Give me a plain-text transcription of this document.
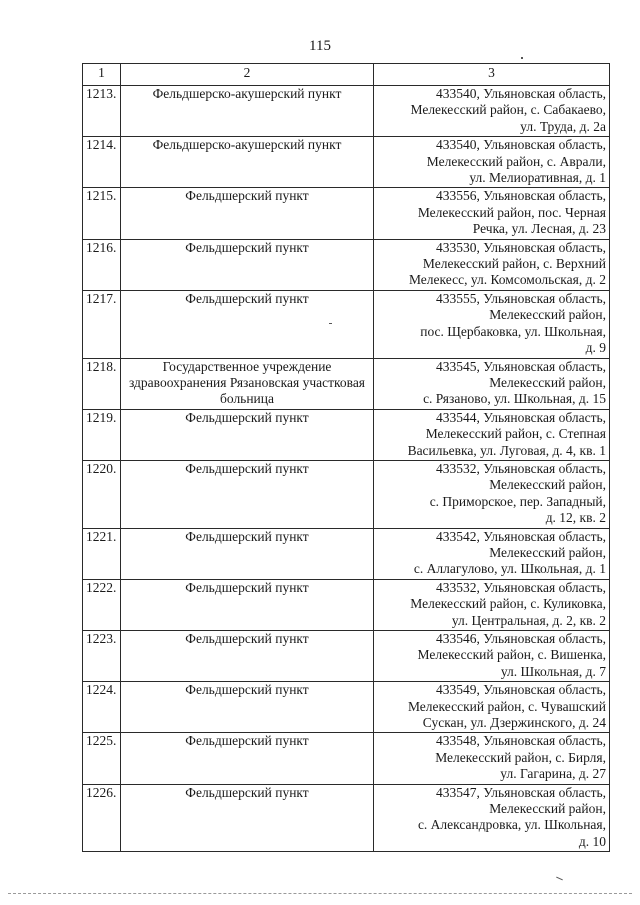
115
1	2	3
1213.	Фельдшерско-акушерский пункт	433540, Ульяновская область,
Мелекесский район, с. Сабакаево,
ул. Труда, д. 2а

1214.	Фельдшерско-акушерский пункт	433540, Ульяновская область,
Мелекесский район, с. Аврали,
ул. Мелиоративная, д. 1

1215.	Фельдшерский пункт	433556, Ульяновская область,
Мелекесский район, пос. Черная
Речка, ул. Лесная, д. 23

1216.	Фельдшерский пункт	433530, Ульяновская область,
Мелекесский район, с. Верхний
Мелекесс, ул. Комсомольская, д. 2

1217.	Фельдшерский пункт	433555, Ульяновская область,
Мелекесский район,
пос. Щербаковка, ул. Школьная,
д. 9

1218.	Государственное учреждение здравоохранения Рязановская участковая больница	433545, Ульяновская область,
Мелекесский район,
с. Рязаново, ул. Школьная, д. 15

1219.	Фельдшерский пункт	433544, Ульяновская область,
Мелекесский район, с. Степная
Васильевка, ул. Луговая, д. 4, кв. 1

1220.	Фельдшерский пункт	433532, Ульяновская область,
Мелекесский район,
с. Приморское, пер. Западный,
д. 12, кв. 2

1221.	Фельдшерский пункт	433542, Ульяновская область,
Мелекесский район,
с. Аллагулово, ул. Школьная, д. 1

1222.	Фельдшерский пункт	433532, Ульяновская область,
Мелекесский район, с. Куликовка,
ул. Центральная, д. 2, кв. 2

1223.	Фельдшерский пункт	433546, Ульяновская область,
Мелекесский район, с. Вишенка,
ул. Школьная, д. 7

1224.	Фельдшерский пункт	433549, Ульяновская область,
Мелекесский район, с. Чувашский
Сускан, ул. Дзержинского, д. 24

1225.	Фельдшерский пункт	433548, Ульяновская область,
Мелекесский район, с. Бирля,
ул. Гагарина, д. 27

1226.	Фельдшерский пункт	433547, Ульяновская область,
Мелекесский район,
с. Александровка, ул. Школьная,
д. 10
